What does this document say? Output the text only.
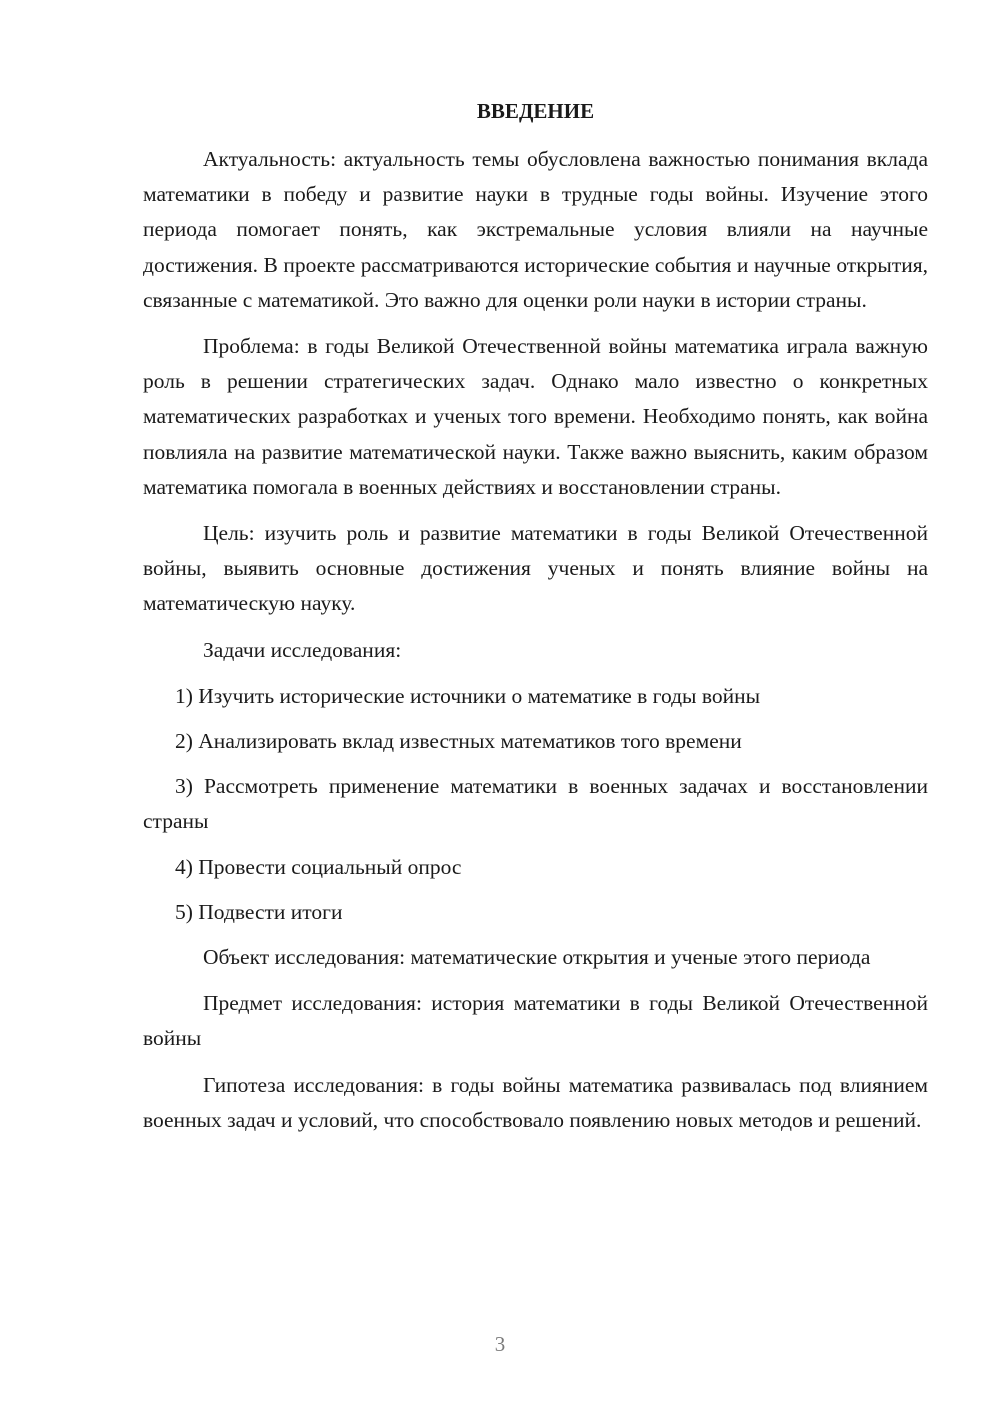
ВВЕДЕНИЕ

Актуальность: актуальность темы обусловлена важностью понимания вклада математики в победу и развитие науки в трудные годы войны. Изучение этого периода помогает понять, как экстремальные условия влияли на научные достижения. В проекте рассматриваются исторические события и научные открытия, связанные с математикой. Это важно для оценки роли науки в истории страны.

Проблема: в годы Великой Отечественной войны математика играла важную роль в решении стратегических задач. Однако мало известно о конкретных математических разработках и ученых того времени. Необходимо понять, как война повлияла на развитие математической науки. Также важно выяснить, каким образом математика помогала в военных действиях и восстановлении страны.

Цель: изучить роль и развитие математики в годы Великой Отечественной войны, выявить основные достижения ученых и понять влияние войны на математическую науку.

Задачи исследования:

1) Изучить исторические источники о математике в годы войны

2) Анализировать вклад известных математиков того времени

3) Рассмотреть применение математики в военных задачах и восстановлении страны

4) Провести социальный опрос

5) Подвести итоги

Объект исследования: математические открытия и ученые этого периода

Предмет исследования: история математики в годы Великой Отечественной войны

Гипотеза исследования: в годы войны математика развивалась под влиянием военных задач и условий, что способствовало появлению новых методов и решений.

3
